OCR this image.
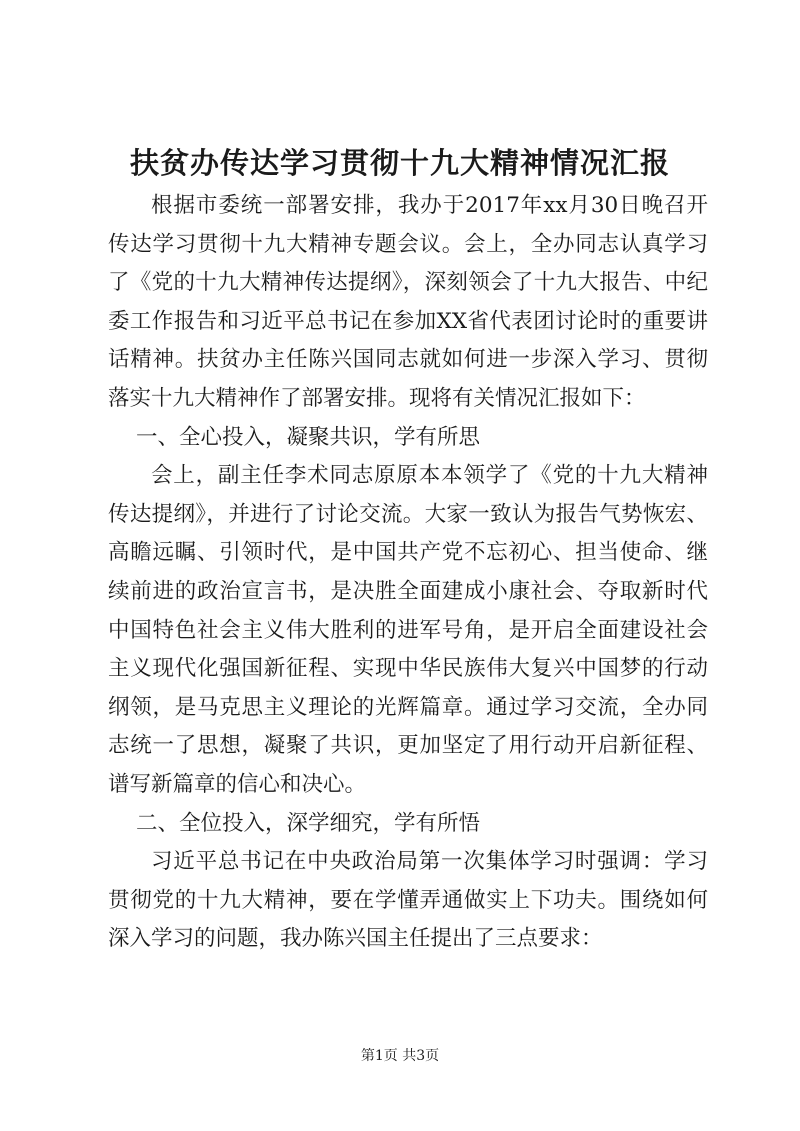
扶贫办传达学习贯彻十九大精神情况汇报

根据市委统一部署安排，我办于2017年xx月30日晚召开传达学习贯彻十九大精神专题会议。会上，全办同志认真学习了《党的十九大精神传达提纲》，深刻领会了十九大报告、中纪委工作报告和习近平总书记在参加XX省代表团讨论时的重要讲话精神。扶贫办主任陈兴国同志就如何进一步深入学习、贯彻落实十九大精神作了部署安排。现将有关情况汇报如下：

一、全心投入，凝聚共识，学有所思

会上，副主任李术同志原原本本领学了《党的十九大精神传达提纲》，并进行了讨论交流。大家一致认为报告气势恢宏、高瞻远瞩、引领时代，是中国共产党不忘初心、担当使命、继续前进的政治宣言书，是决胜全面建成小康社会、夺取新时代中国特色社会主义伟大胜利的进军号角，是开启全面建设社会主义现代化强国新征程、实现中华民族伟大复兴中国梦的行动纲领，是马克思主义理论的光辉篇章。通过学习交流，全办同志统一了思想，凝聚了共识，更加坚定了用行动开启新征程、谱写新篇章的信心和决心。

二、全位投入，深学细究，学有所悟

习近平总书记在中央政治局第一次集体学习时强调：学习贯彻党的十九大精神，要在学懂弄通做实上下功夫。围绕如何深入学习的问题，我办陈兴国主任提出了三点要求：

第1页 共3页
